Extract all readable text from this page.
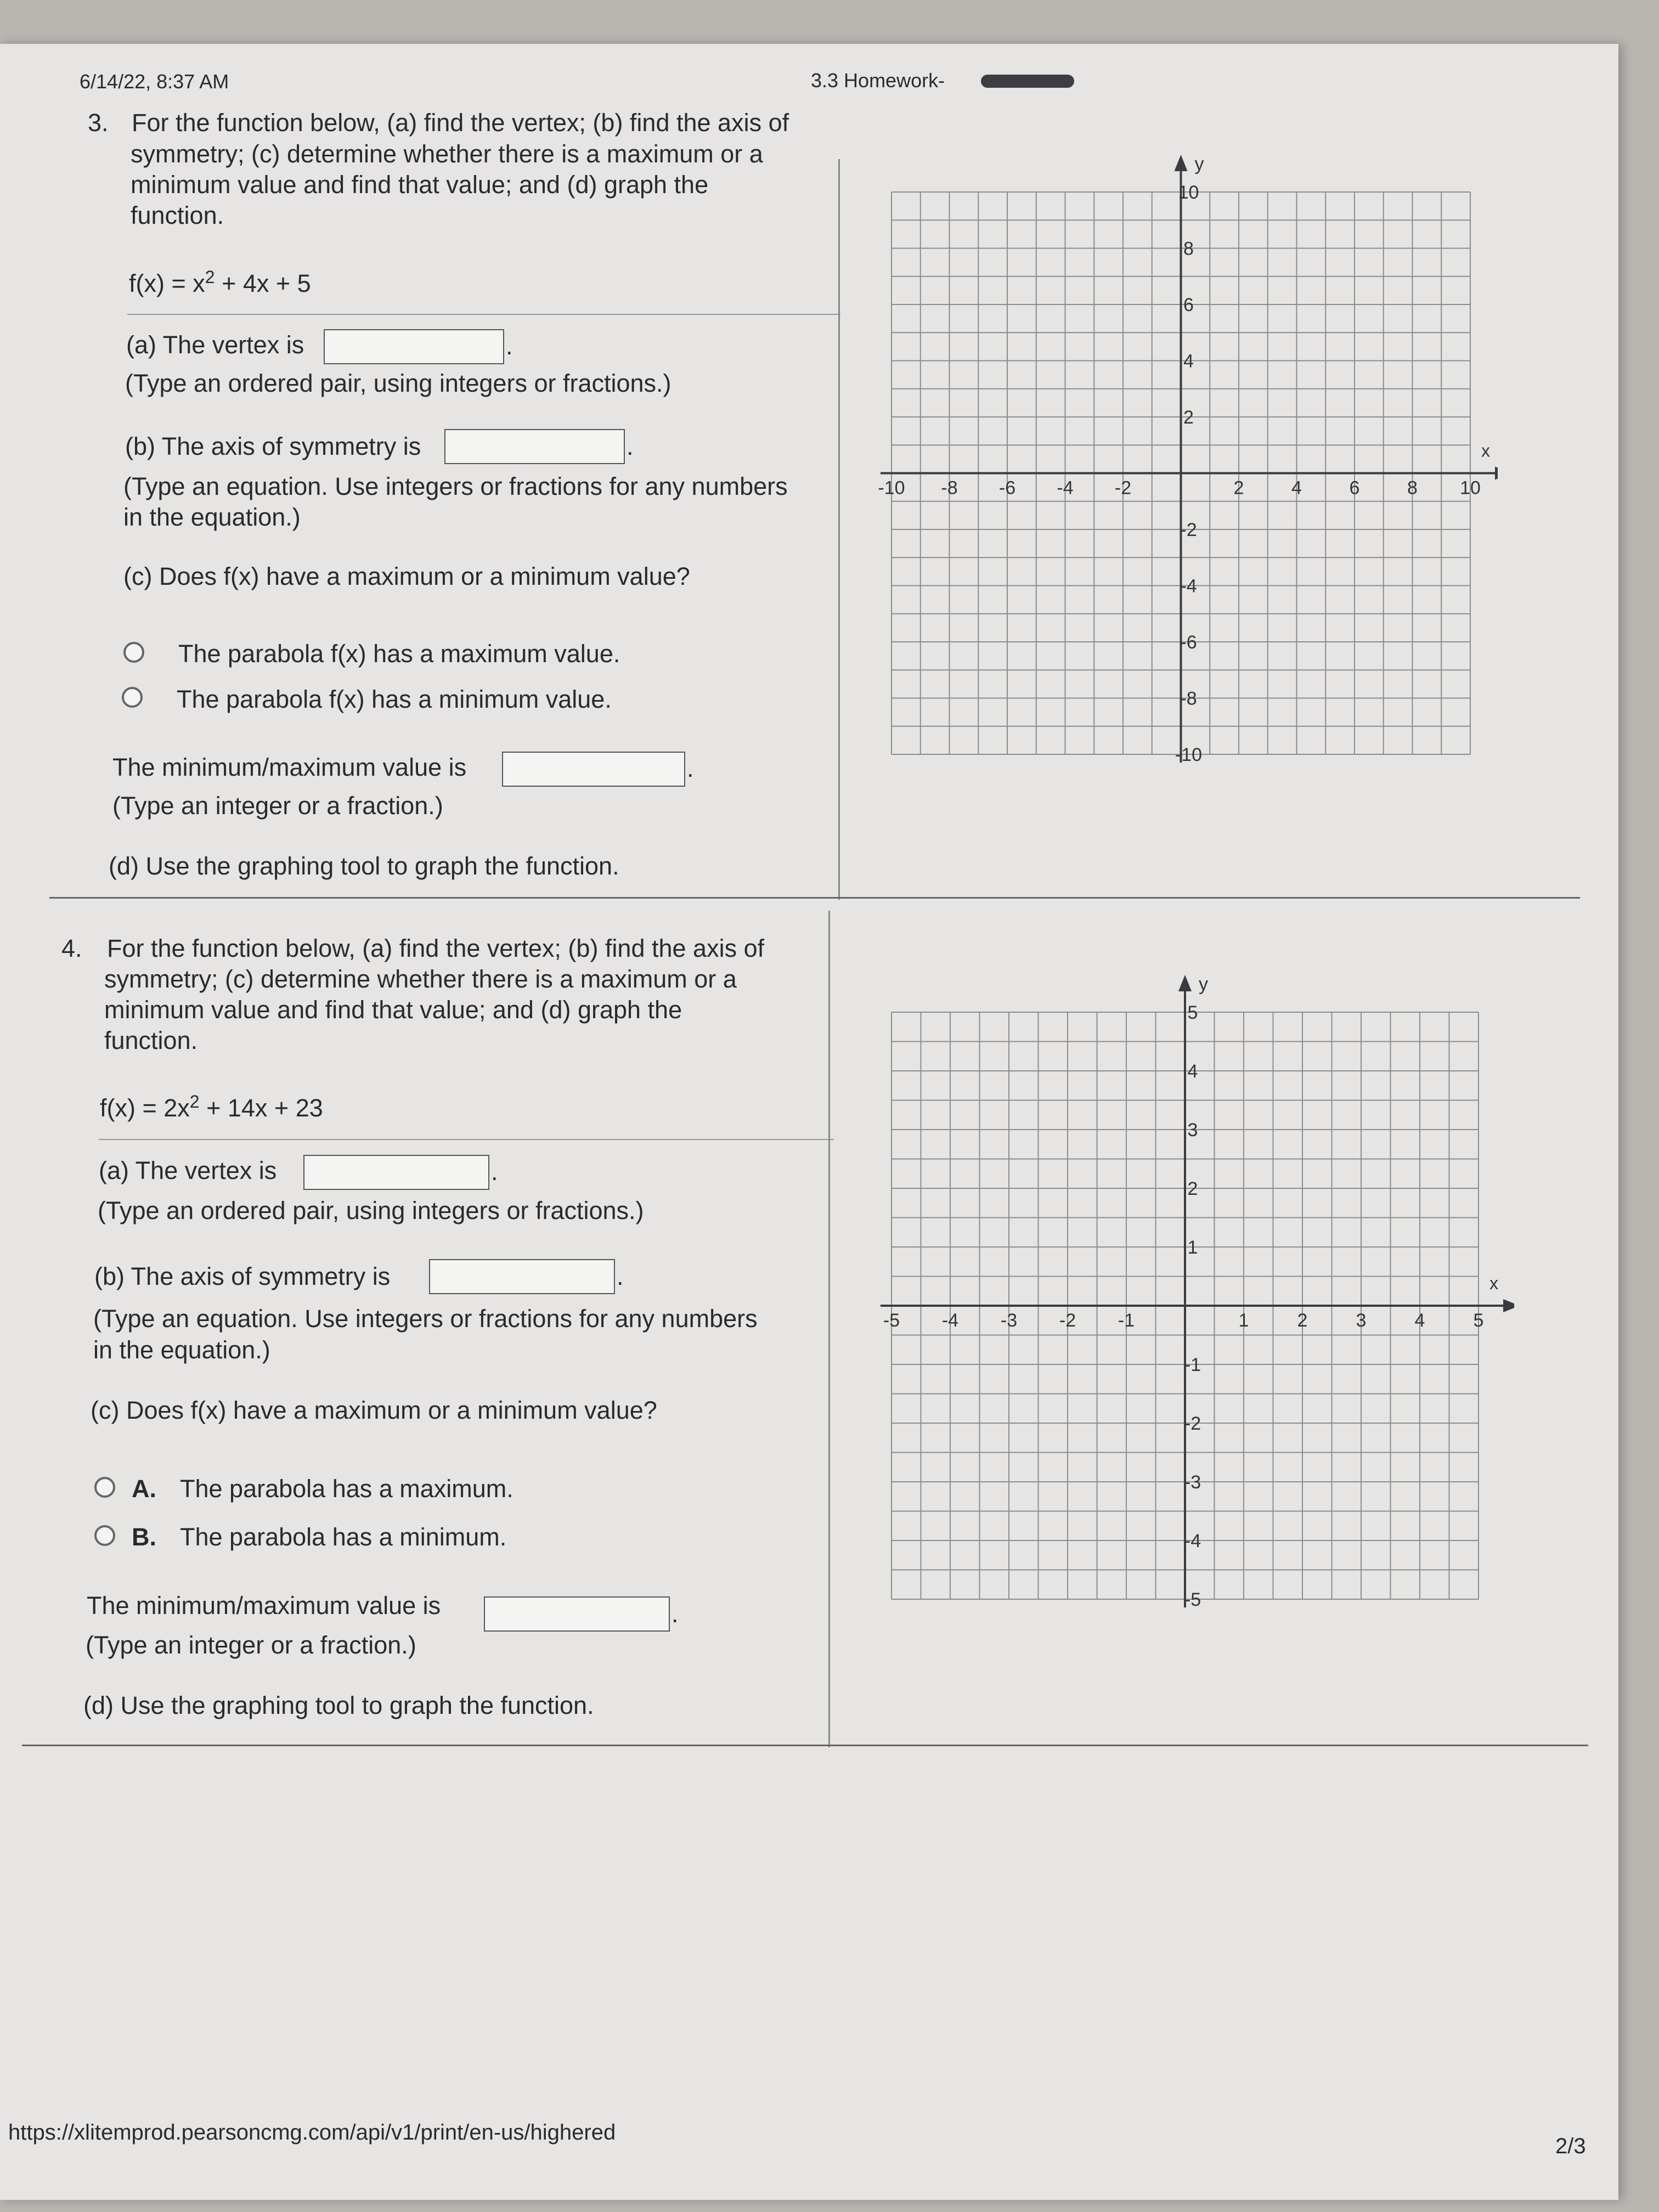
6/14/22, 8:37 AM	3.3 Homework-
3. For the function below, (a) find the vertex; (b) find the axis of
symmetry; (c) determine whether there is a maximum or a
minimum value and find that value; and (d) graph the
function.
$f(x) = x^2 + 4x + 5$
(a) The vertex is	.
(Type an ordered pair, using integers or fractions.)
(b) The axis of symmetry is	.
(Type an equation. Use integers or fractions for any numbers
in the equation.)
(c) Does f(x) have a maximum or a minimum value?
The parabola f(x) has a maximum value.
The parabola f(x) has a minimum value.
The minimum/maximum value is	.
(Type an integer or a fraction.)
(d) Use the graphing tool to graph the function.
x
y
-10 -8 -6 -4 -2	2	4	6	8 10
10
8
6
4
2
-2
-4
-6
-8
-10
4. For the function below, (a) find the vertex; (b) find the axis of
symmetry; (c) determine whether there is a maximum or a
minimum value and find that value; and (d) graph the
function.
$f(x) = 2x^2 + 14x + 23$
(a) The vertex is	.
(Type an ordered pair, using integers or fractions.)
(b) The axis of symmetry is	.
(Type an equation. Use integers or fractions for any numbers
in the equation.)
(c) Does f(x) have a maximum or a minimum value?
A. The parabola has a maximum.
B. The parabola has a minimum.
The minimum/maximum value is	.
(Type an integer or a fraction.)
(d) Use the graphing tool to graph the function.
x
y
-5 -4 -3 -2 -1	1	2	3	4	5
5
4
3
2
1
-1
-2
-3
-4
-5
https://xlitemprod.pearsoncmg.com/api/v1/print/en-us/highered
2/3
